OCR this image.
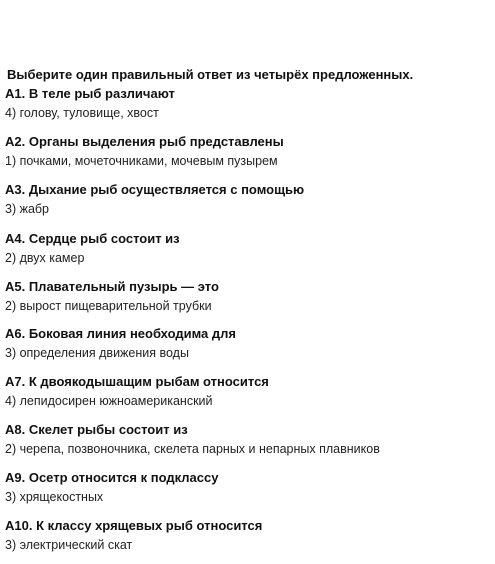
Выберите один правильный ответ из четырёх предложенных.
A1. В теле рыб различают
4) голову, туловище, хвост
A2. Органы выделения рыб представлены
1) почками, мочеточниками, мочевым пузырем
A3. Дыхание рыб осуществляется с помощью
3) жабр
A4. Сердце рыб состоит из
2) двух камер
A5. Плавательный пузырь — это
2) вырост пищеварительной трубки
A6. Боковая линия необходима для
3) определения движения воды
A7. К двоякодышащим рыбам относится
4) лепидосирен южноамериканский
A8. Скелет рыбы состоит из
2) черепа, позвоночника, скелета парных и непарных плавников
A9. Осетр относится к подклассу
3) хрящекостных
A10. К классу хрящевых рыб относится
3) электрический скат
